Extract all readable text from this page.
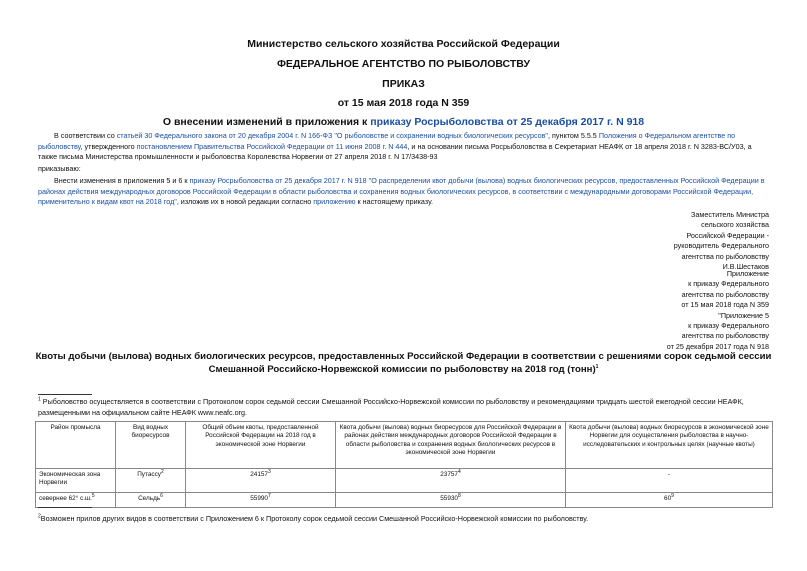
Министерство сельского хозяйства Российской Федерации
ФЕДЕРАЛЬНОЕ АГЕНТСТВО ПО РЫБОЛОВСТВУ
ПРИКАЗ
от 15 мая 2018 года N 359
О внесении изменений в приложения к приказу Росрыболовства от 25 декабря 2017 г. N 918
В соответствии со статьей 30 Федерального закона от 20 декабря 2004 г. N 166-ФЗ "О рыболовстве и сохранении водных биологических ресурсов", пунктом 5.5.5 Положения о Федеральном агентстве по рыболовству, утвержденного постановлением Правительства Российской Федерации от 11 июня 2008 г. N 444, и на основании письма Росрыболовства в Секретариат НЕАФК от 18 апреля 2018 г. N 3283-ВС/У03, а также письма Министерства промышленности и рыболовства Королевства Норвегии от 27 апреля 2018 г. N 17/3438-93
приказываю:
Внести изменения в приложения 5 и 6 к приказу Росрыболовства от 25 декабря 2017 г. N 918 "О распределении квот добычи (вылова) водных биологических ресурсов, предоставленных Российской Федерации в районах действия международных договоров Российской Федерации в области рыболовства и сохранения водных биологических ресурсов, в соответствии с международными договорами Российской Федерации, применительно к видам квот на 2018 год", изложив их в новой редакции согласно приложению к настоящему приказу.
Заместитель Министра
сельского хозяйства
Российской Федерации -
руководитель Федерального
агентства по рыболовству
И.В.Шестаков
Приложение
к приказу Федерального
агентства по рыболовству
от 15 мая 2018 года N 359
"Приложение 5
к приказу Федерального
агентства по рыболовству
от 25 декабря 2017 года N 918
Квоты добычи (вылова) водных биологических ресурсов, предоставленных Российской Федерации в соответствии с решениями сорок седьмой сессии Смешанной Российско-Норвежской комиссии по рыболовству на 2018 год (тонн)$^1$
$^1$ Рыболовство осуществляется в соответствии с Протоколом сорок седьмой сессии Смешанной Российско-Норвежской комиссии по рыболовству и рекомендациями тридцать шестой ежегодной сессии НЕАФК, размещенными на официальном сайте НЕАФК www.neafc.org.
Район промысла	Вид водных биоресурсов	Общий объем квоты, предоставленной Российской Федерации на 2018 год в экономической зоне Норвегии	Квота добычи (вылова) водных биоресурсов для Российской Федерации в районах действия международных договоров Российской Федерации в области рыболовства и сохранения водных биологических ресурсов в экономической зоне Норвегии	Квота добычи (вылова) водных биоресурсов в экономической зоне Норвегии для осуществления рыболовства в научно-исследовательских и контрольных целях (научные квоты)
Экономическая зона Норвегии	Путассу$^2$	24157$^3$	23757$^4$	-
севернее 62° с.ш.$^5$	Сельдь$^6$	55990$^7$	55930$^8$	$60^9$
$^2$Возможен прилов других видов в соответствии с Приложением 6 к Протоколу сорок седьмой сессии Смешанной Российско-Норвежской комиссии по рыболовству.
